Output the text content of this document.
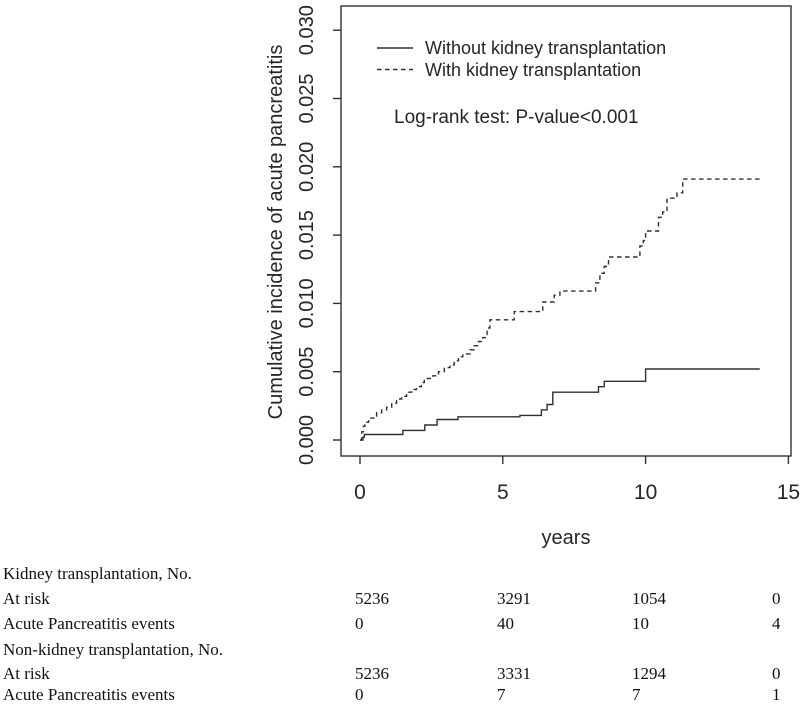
0	5	10	15
0.000
0.005
0.010
0.015
0.020
0.025
0.030
Cumulative incidence of acute pancreatitis
years
Without kidney transplantation
With kidney transplantation
Log-rank test: P-value<0.001
Kidney transplantation, No.
At risk	5236	3291	1054	0
Acute Pancreatitis events	0	40	10	4
Non-kidney transplantation, No.
At risk	5236	3331	1294	0
Acute Pancreatitis events	0	7	7	1
